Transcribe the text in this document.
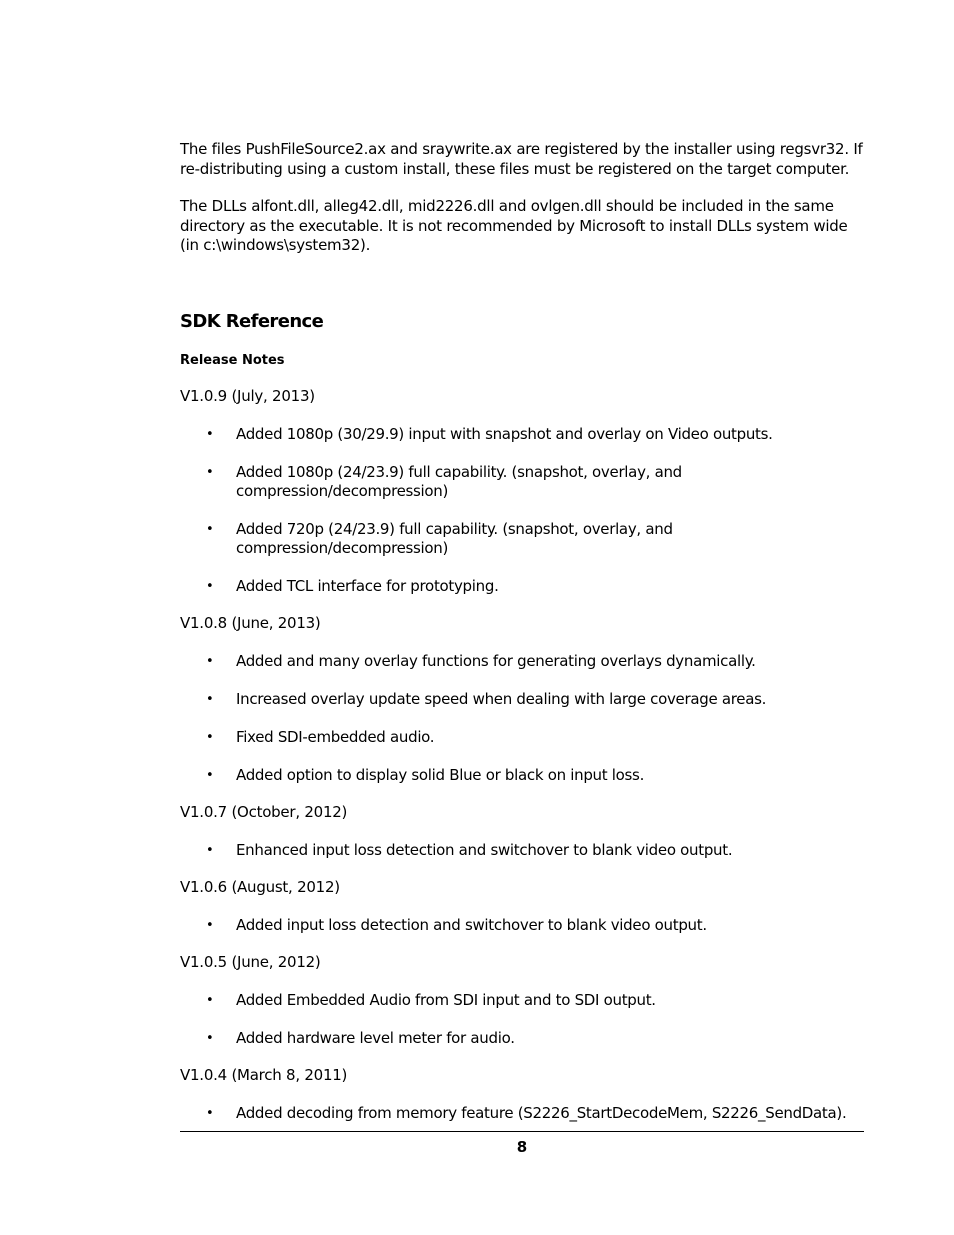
The files PushFileSource2.ax and sraywrite.ax are registered by the installer using regsvr32. If re-distributing using a custom install, these files must be registered on the target computer.

The DLLs alfont.dll, alleg42.dll, mid2226.dll and ovlgen.dll should be included in the same directory as the executable. It is not recommended by Microsoft to install DLLs system wide (in c:\windows\system32).

SDK Reference
Release Notes
V1.0.9 (July, 2013)
• Added 1080p (30/29.9) input with snapshot and overlay on Video outputs.
• Added 1080p (24/23.9) full capability. (snapshot, overlay, and compression/decompression)
• Added 720p (24/23.9) full capability. (snapshot, overlay, and compression/decompression)
• Added TCL interface for prototyping.
V1.0.8 (June, 2013)
• Added and many overlay functions for generating overlays dynamically.
• Increased overlay update speed when dealing with large coverage areas.
• Fixed SDI-embedded audio.
• Added option to display solid Blue or black on input loss.
V1.0.7 (October, 2012)
• Enhanced input loss detection and switchover to blank video output.
V1.0.6 (August, 2012)
• Added input loss detection and switchover to blank video output.
V1.0.5 (June, 2012)
• Added Embedded Audio from SDI input and to SDI output.
• Added hardware level meter for audio.
V1.0.4 (March 8, 2011)
• Added decoding from memory feature (S2226_StartDecodeMem, S2226_SendData).
8
